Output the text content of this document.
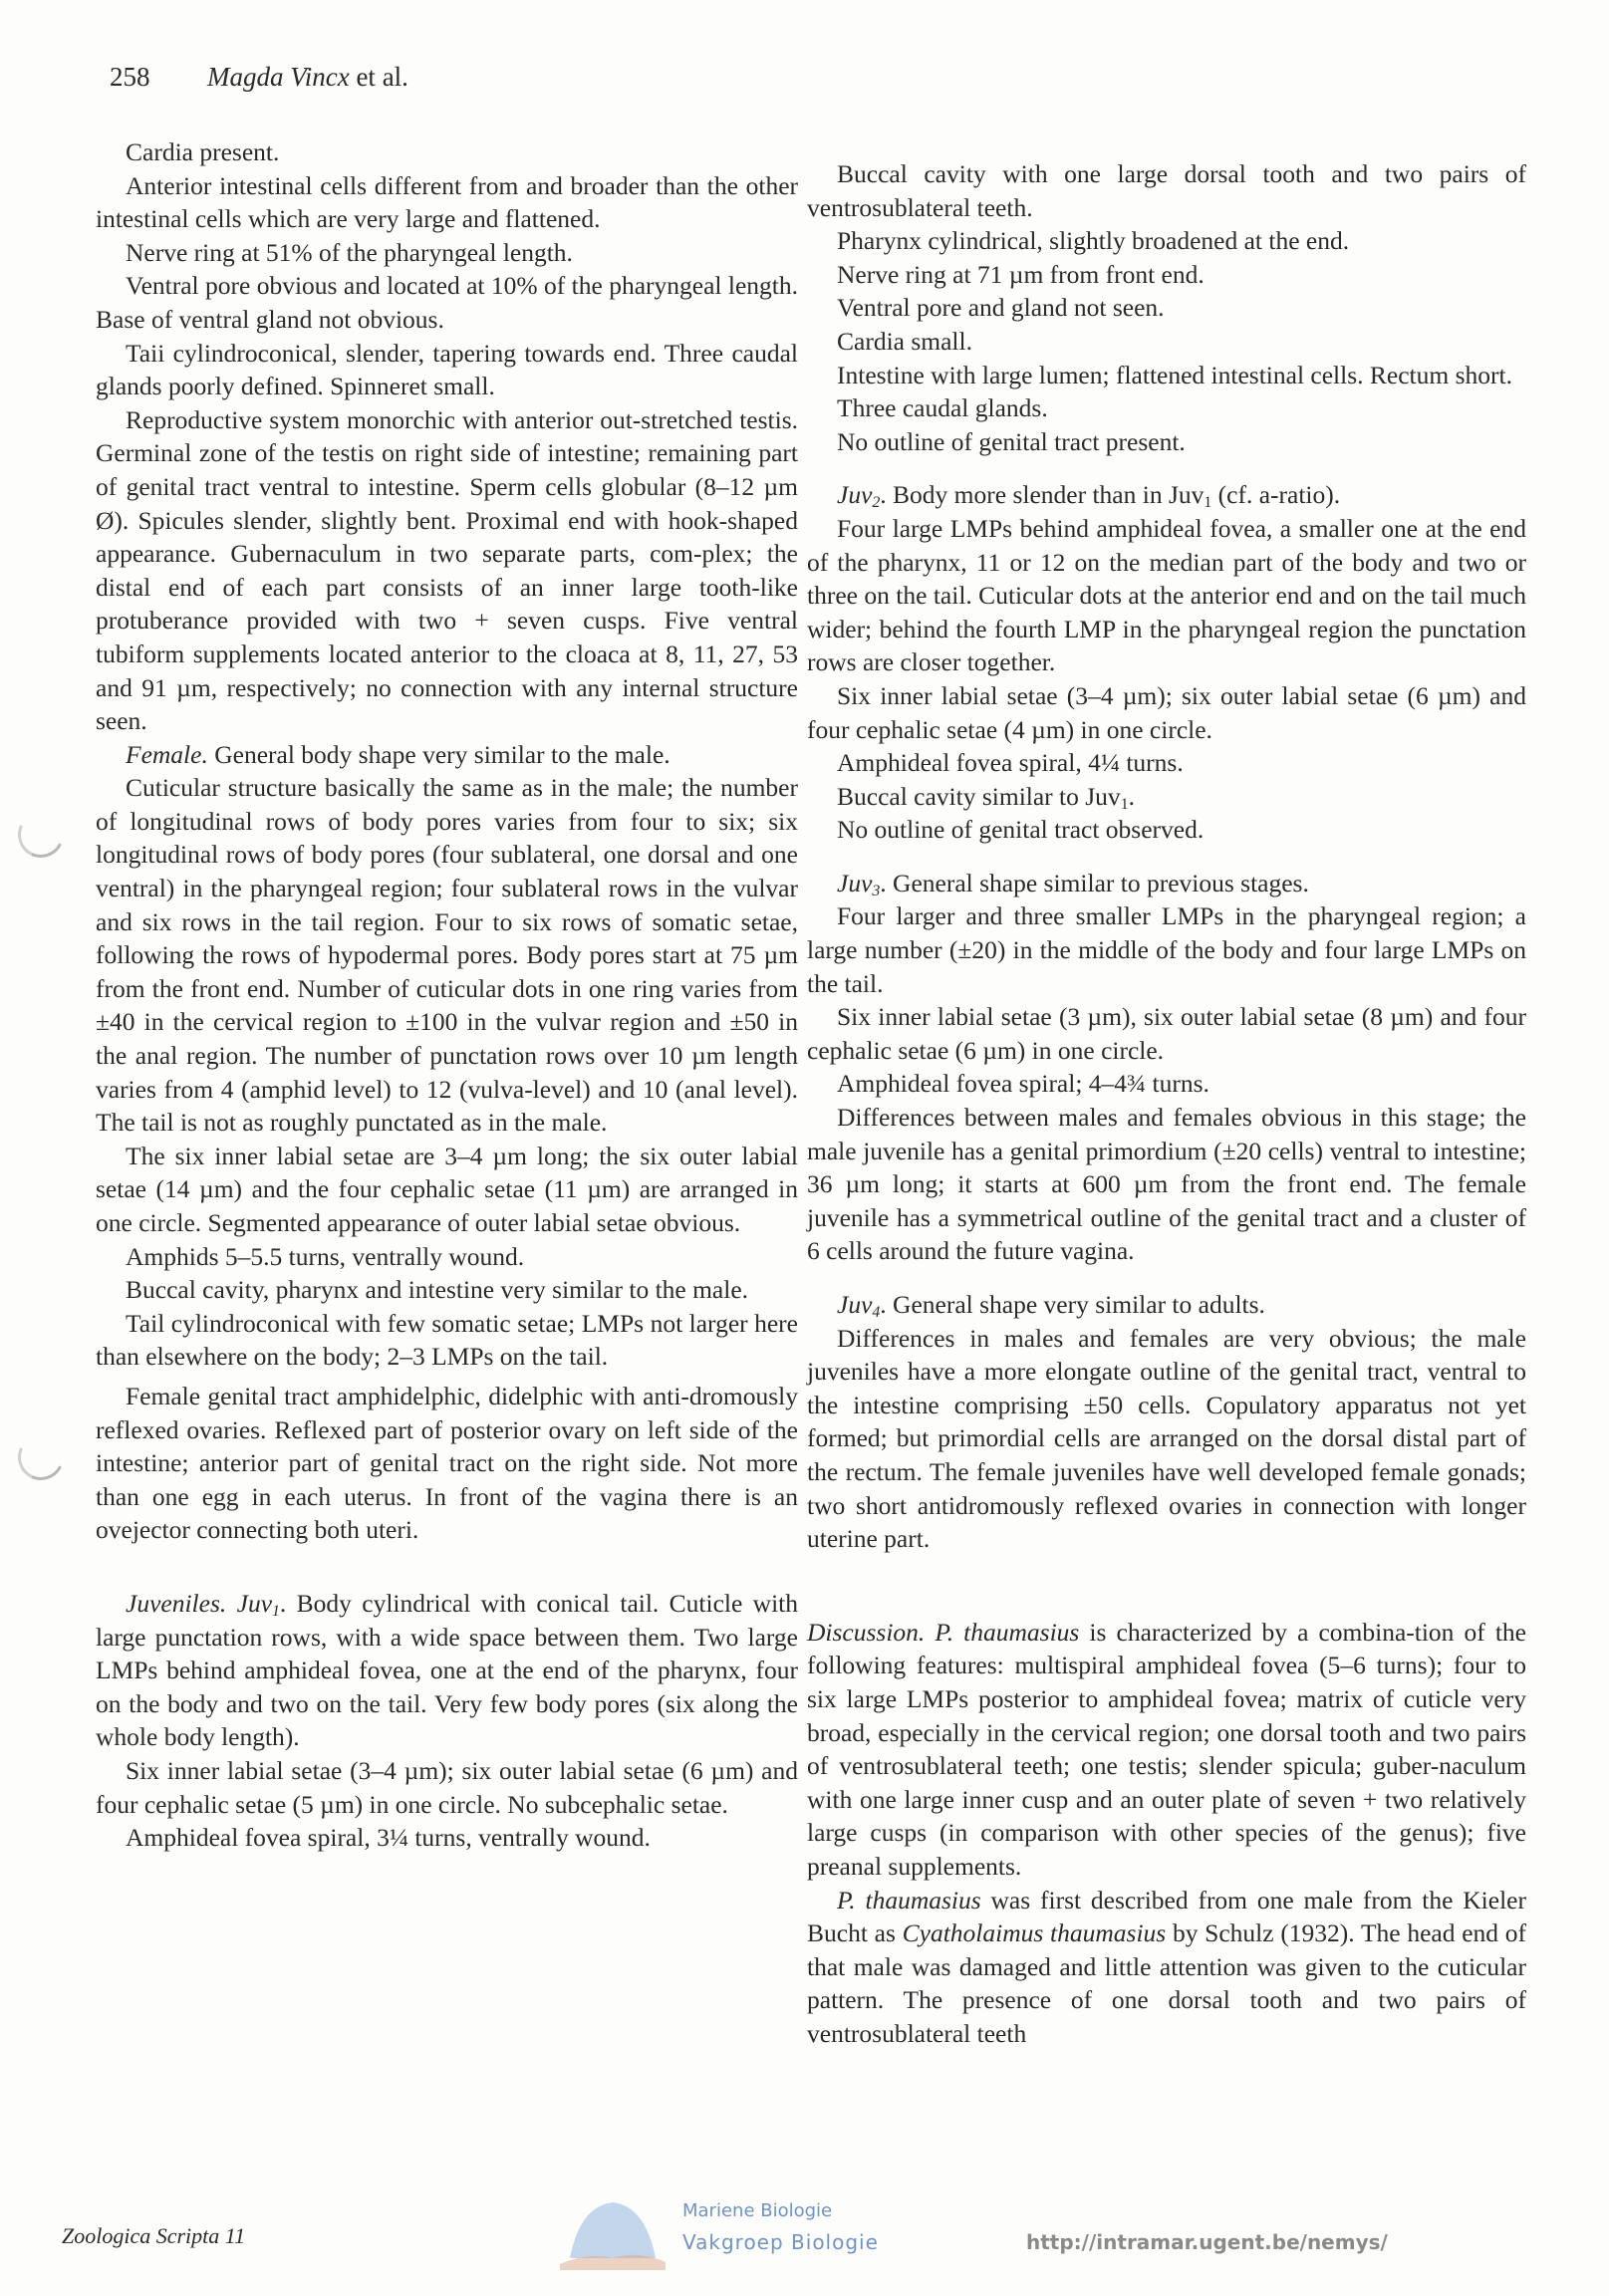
258 Magda Vincx et al.

Cardia present.

Anterior intestinal cells different from and broader than the other intestinal cells which are very large and flattened.

Nerve ring at 51% of the pharyngeal length.

Ventral pore obvious and located at 10% of the pharyngeal length. Base of ventral gland not obvious.

Taii cylindroconical, slender, tapering towards end. Three caudal glands poorly defined. Spinneret small.

Reproductive system monorchic with anterior out-stretched testis. Germinal zone of the testis on right side of intestine; remaining part of genital tract ventral to intestine. Sperm cells globular (8–12 µm Ø). Spicules slender, slightly bent. Proximal end with hook-shaped appearance. Gubernaculum in two separate parts, com-plex; the distal end of each part consists of an inner large tooth-like protuberance provided with two + seven cusps. Five ventral tubiform supplements located anterior to the cloaca at 8, 11, 27, 53 and 91 µm, respectively; no connection with any internal structure seen.

Female. General body shape very similar to the male.

Cuticular structure basically the same as in the male; the number of longitudinal rows of body pores varies from four to six; six longitudinal rows of body pores (four sublateral, one dorsal and one ventral) in the pharyngeal region; four sublateral rows in the vulvar and six rows in the tail region. Four to six rows of somatic setae, following the rows of hypodermal pores. Body pores start at 75 µm from the front end. Number of cuticular dots in one ring varies from ±40 in the cervical region to ±100 in the vulvar region and ±50 in the anal region. The number of punctation rows over 10 µm length varies from 4 (amphid level) to 12 (vulva-level) and 10 (anal level). The tail is not as roughly punctated as in the male.

The six inner labial setae are 3–4 µm long; the six outer labial setae (14 µm) and the four cephalic setae (11 µm) are arranged in one circle. Segmented appearance of outer labial setae obvious.

Amphids 5–5.5 turns, ventrally wound.

Buccal cavity, pharynx and intestine very similar to the male.

Tail cylindroconical with few somatic setae; LMPs not larger here than elsewhere on the body; 2–3 LMPs on the tail.

Female genital tract amphidelphic, didelphic with anti-dromously reflexed ovaries. Reflexed part of posterior ovary on left side of the intestine; anterior part of genital tract on the right side. Not more than one egg in each uterus. In front of the vagina there is an ovejector connecting both uteri.

Juveniles. Juv$_1$. Body cylindrical with conical tail. Cuticle with large punctation rows, with a wide space between them. Two large LMPs behind amphideal fovea, one at the end of the pharynx, four on the body and two on the tail. Very few body pores (six along the whole body length).

Six inner labial setae (3–4 µm); six outer labial setae (6 µm) and four cephalic setae (5 µm) in one circle. No subcephalic setae.

Amphideal fovea spiral, 3¼ turns, ventrally wound.

Buccal cavity with one large dorsal tooth and two pairs of ventrosublateral teeth.

Pharynx cylindrical, slightly broadened at the end.

Nerve ring at 71 µm from front end.

Ventral pore and gland not seen.

Cardia small.

Intestine with large lumen; flattened intestinal cells. Rectum short.

Three caudal glands.

No outline of genital tract present.

Juv$_2$. Body more slender than in Juv$_1$ (cf. a-ratio).

Four large LMPs behind amphideal fovea, a smaller one at the end of the pharynx, 11 or 12 on the median part of the body and two or three on the tail. Cuticular dots at the anterior end and on the tail much wider; behind the fourth LMP in the pharyngeal region the punctation rows are closer together.

Six inner labial setae (3–4 µm); six outer labial setae (6 µm) and four cephalic setae (4 µm) in one circle.

Amphideal fovea spiral, 4¼ turns.

Buccal cavity similar to Juv$_1$.

No outline of genital tract observed.

Juv$_3$. General shape similar to previous stages.

Four larger and three smaller LMPs in the pharyngeal region; a large number (±20) in the middle of the body and four large LMPs on the tail.

Six inner labial setae (3 µm), six outer labial setae (8 µm) and four cephalic setae (6 µm) in one circle.

Amphideal fovea spiral; 4–4¾ turns.

Differences between males and females obvious in this stage; the male juvenile has a genital primordium (±20 cells) ventral to intestine; 36 µm long; it starts at 600 µm from the front end. The female juvenile has a symmetrical outline of the genital tract and a cluster of 6 cells around the future vagina.

Juv$_4$. General shape very similar to adults.

Differences in males and females are very obvious; the male juveniles have a more elongate outline of the genital tract, ventral to the intestine comprising ±50 cells. Copulatory apparatus not yet formed; but primordial cells are arranged on the dorsal distal part of the rectum. The female juveniles have well developed female gonads; two short antidromously reflexed ovaries in connection with longer uterine part.

Discussion. P. thaumasius is characterized by a combina-tion of the following features: multispiral amphideal fovea (5–6 turns); four to six large LMPs posterior to amphideal fovea; matrix of cuticle very broad, especially in the cervical region; one dorsal tooth and two pairs of ventrosublateral teeth; one testis; slender spicula; guber-naculum with one large inner cusp and an outer plate of seven + two relatively large cusps (in comparison with other species of the genus); five preanal supplements.

P. thaumasius was first described from one male from the Kieler Bucht as Cyatholaimus thaumasius by Schulz (1932). The head end of that male was damaged and little attention was given to the cuticular pattern. The presence of one dorsal tooth and two pairs of ventrosublateral teeth

Mariene Biologie
Vakgroep Biologie	http://intramar.ugent.be/nemys/
Zoologica Scripta 11
